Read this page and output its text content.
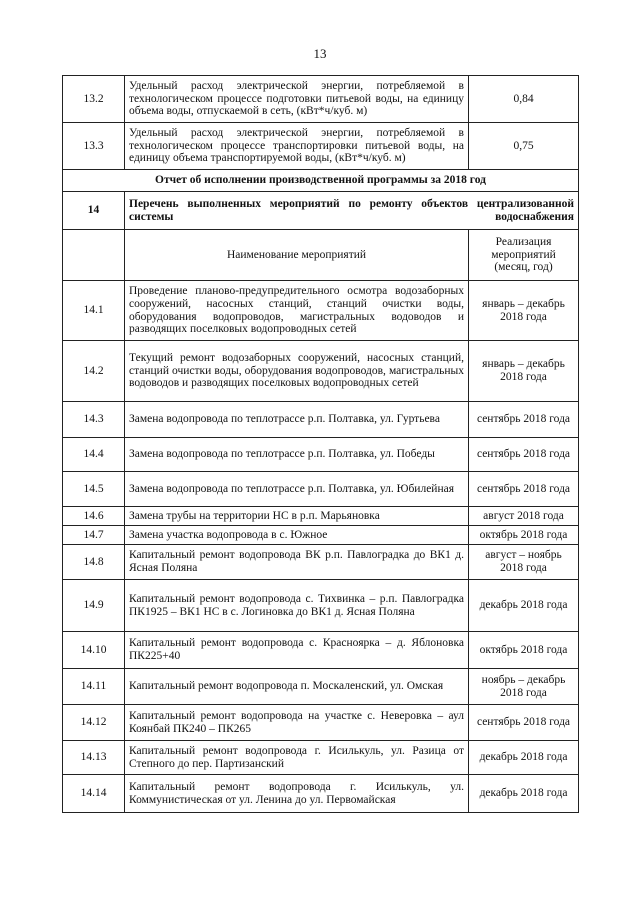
13
13.2	Удельный расход электрической энергии, потребляемой в технологическом процессе подготовки питьевой воды, на единицу объема воды, отпускаемой в сеть, (кВт*ч/куб. м)	0,84
13.3	Удельный расход электрической энергии, потребляемой в технологическом процессе транспортировки питьевой воды, на единицу объема транспортируемой воды, (кВт*ч/куб. м)	0,75
Отчет об исполнении производственной программы за 2018 год		
14	Перечень выполненных мероприятий по ремонту объектов централизованной системы водоснабжения	
	Наименование мероприятий	Реализация мероприятий (месяц, год)
14.1	Проведение планово-предупредительного осмотра водозаборных сооружений, насосных станций, станций очистки воды, оборудования водопроводов, магистральных водоводов и разводящих поселковых водопроводных сетей	январь – декабрь 2018 года
14.2	Текущий ремонт водозаборных сооружений, насосных станций, станций очистки воды, оборудования водопроводов, магистральных водоводов и разводящих поселковых водопроводных сетей	январь – декабрь 2018 года
14.3	Замена водопровода по теплотрассе р.п. Полтавка, ул. Гуртьева	сентябрь 2018 года
14.4	Замена водопровода по теплотрассе р.п. Полтавка, ул. Победы	сентябрь 2018 года
14.5	Замена водопровода по теплотрассе р.п. Полтавка, ул. Юбилейная	сентябрь 2018 года
14.6	Замена трубы на территории НС в р.п. Марьяновка	август 2018 года
14.7	Замена участка водопровода в с. Южное	октябрь 2018 года
14.8	Капитальный ремонт водопровода ВК р.п. Павлоградка до ВК1 д. Ясная Поляна	август – ноябрь 2018 года
14.9	Капитальный ремонт водопровода с. Тихвинка – р.п. Павлоградка ПК1925 – ВК1 НС в с. Логиновка до ВК1 д. Ясная Поляна	декабрь 2018 года
14.10	Капитальный ремонт водопровода с. Красноярка – д. Яблоновка ПК225+40	октябрь 2018 года
14.11	Капитальный ремонт водопровода п. Москаленский, ул. Омская	ноябрь – декабрь 2018 года
14.12	Капитальный ремонт водопровода на участке с. Неверовка – аул Коянбай ПК240 – ПК265	сентябрь 2018 года
14.13	Капитальный ремонт водопровода г. Исилькуль, ул. Разица от Степного до пер. Партизанский	декабрь 2018 года
14.14	Капитальный ремонт водопровода г. Исилькуль, ул. Коммунистическая от ул. Ленина до ул. Первомайская	декабрь 2018 года
